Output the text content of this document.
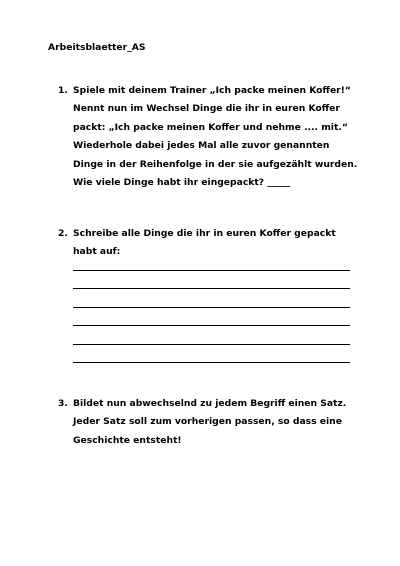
Arbeitsblaetter_AS
1. Spiele mit deinem Trainer „Ich packe meinen Koffer!“
Nennt nun im Wechsel Dinge die ihr in euren Koffer
packt: „Ich packe meinen Koffer und nehme .... mit.“
Wiederhole dabei jedes Mal alle zuvor genannten
Dinge in der Reihenfolge in der sie aufgezählt wurden.
Wie viele Dinge habt ihr eingepackt? _____
2. Schreibe alle Dinge die ihr in euren Koffer gepackt
habt auf:
3. Bildet nun abwechselnd zu jedem Begriff einen Satz.
Jeder Satz soll zum vorherigen passen, so dass eine
Geschichte entsteht!
